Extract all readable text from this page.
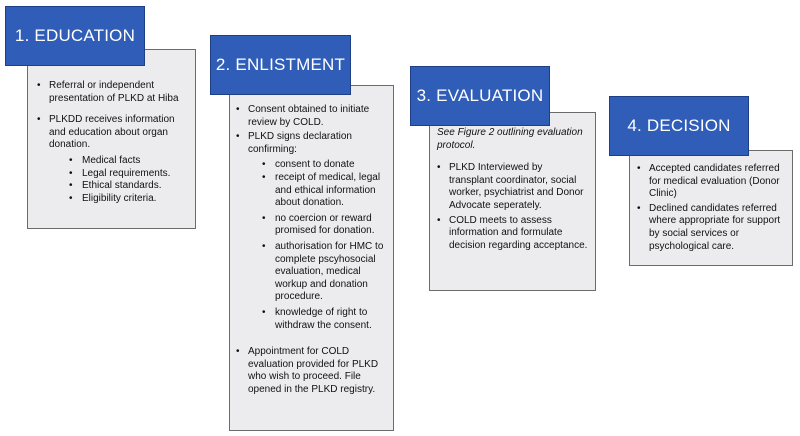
• Referral or independent presentation of PLKD at Hiba
• PLKDD receives information and education about organ donation.
• Medical facts
• Legal requirements.
• Ethical standards.
• Eligibility criteria.
1. EDUCATION
• Consent obtained to initiate review by COLD.
• PLKD signs declaration confirming:
• consent to donate
• receipt of medical, legal and ethical information about donation.
• no coercion or reward promised for donation.
• authorisation for HMC to complete pscyhosocial evaluation, medical workup and donation procedure.
• knowledge of right to withdraw the consent.
• Appointment for COLD evaluation provided for PLKD who wish to proceed. File opened in the PLKD registry.
2. ENLISTMENT
See Figure 2 outlining evaluation protocol.
• PLKD Interviewed by transplant coordinator, social worker, psychiatrist and Donor Advocate seperately.
• COLD meets to assess information and formulate decision regarding acceptance.
3. EVALUATION
• Accepted candidates referred for medical evaluation (Donor Clinic)
• Declined candidates referred where appropriate for support by social services or psychological care.
4. DECISION
